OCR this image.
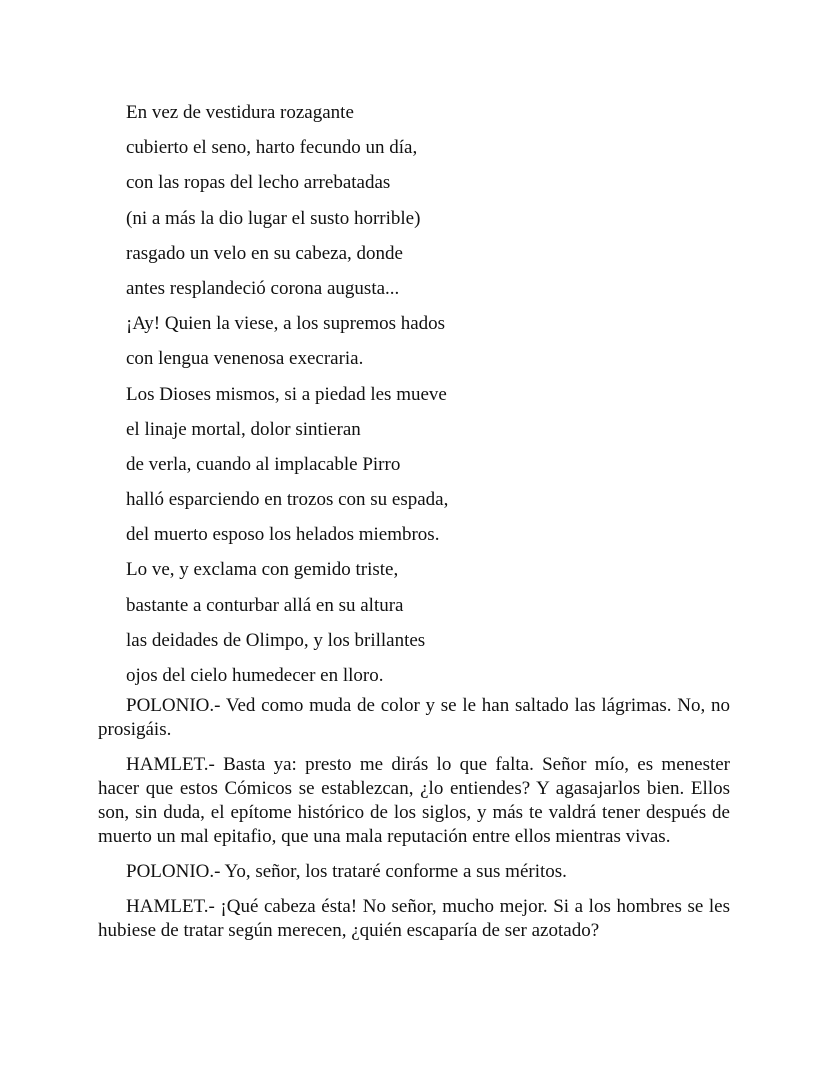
En vez de vestidura rozagante
cubierto el seno, harto fecundo un día,
con las ropas del lecho arrebatadas
(ni a más la dio lugar el susto horrible)
rasgado un velo en su cabeza, donde
antes resplandeció corona augusta...
¡Ay! Quien la viese, a los supremos hados
con lengua venenosa execraria.
Los Dioses mismos, si a piedad les mueve
el linaje mortal, dolor sintieran
de verla, cuando al implacable Pirro
halló esparciendo en trozos con su espada,
del muerto esposo los helados miembros.
Lo ve, y exclama con gemido triste,
bastante a conturbar allá en su altura
las deidades de Olimpo, y los brillantes
ojos del cielo humedecer en lloro.

POLONIO.- Ved como muda de color y se le han saltado las lágrimas. No, no prosigáis.

HAMLET.- Basta ya: presto me dirás lo que falta. Señor mío, es menester hacer que estos Cómicos se establezcan, ¿lo entiendes? Y agasajarlos bien. Ellos son, sin duda, el epítome histórico de los siglos, y más te valdrá tener después de muerto un mal epitafio, que una mala reputación entre ellos mientras vivas.

POLONIO.- Yo, señor, los trataré conforme a sus méritos.

HAMLET.- ¡Qué cabeza ésta! No señor, mucho mejor. Si a los hombres se les hubiese de tratar según merecen, ¿quién escaparía de ser azotado?
